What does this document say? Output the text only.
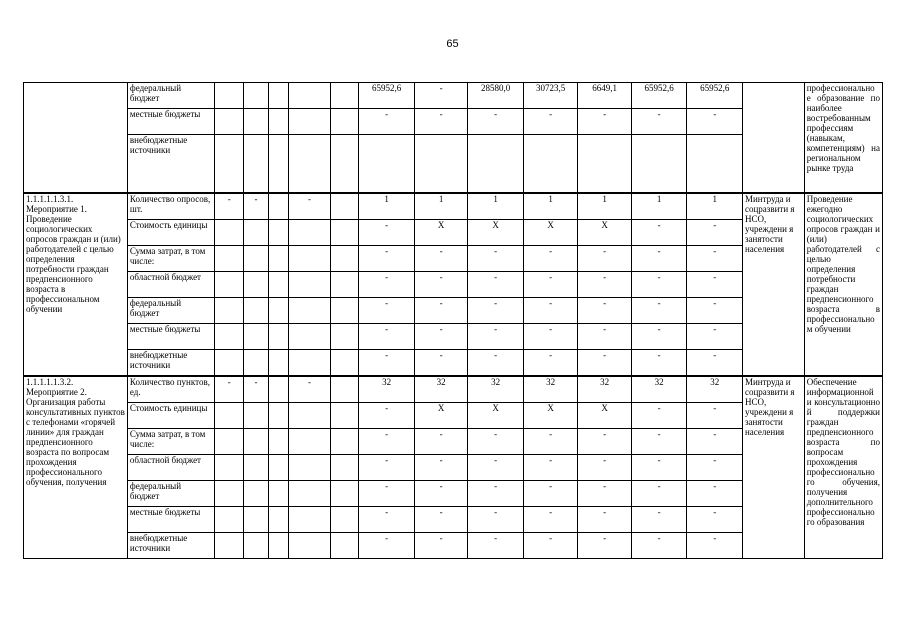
65
	федеральный бюджет						65952,6	-	28580,0	30723,5	6649,1	65952,6	65952,6		профессионально е образование по наиболее востребованным профессиям (навыкам, компетенциям) на региональном рынке труда
	местные бюджеты						-	-	-	-	-	-	-		
	внебюджетные источники														
1.1.1.1.1.3.1. Мероприятие 1. Проведение социологических опросов граждан и (или) работодателей с целью определения потребности граждан предпенсионного возраста в профессиональном обучении	Количество опросов, шт.	-	-		-		1	1	1	1	1	1	1	Минтруда и соцразвити я НСО, учреждени я занятости населения	Проведение ежегодно социологических опросов граждан и (или) работодателей с целью определения потребности граждан предпенсионного возраста в профессионально м обучении
	Стоимость единицы						-	X	X	X	X	-	-		
	Сумма затрат, в том числе:						-	-	-	-	-	-	-		
	областной бюджет						-	-	-	-	-	-	-		
	федеральный бюджет						-	-	-	-	-	-	-		
	местные бюджеты						-	-	-	-	-	-	-		
	внебюджетные источники						-	-	-	-	-	-	-		
1.1.1.1.1.3.2. Мероприятие 2. Организация работы консультативных пунктов с телефонами «горячей линии» для граждан предпенсионного возраста по вопросам прохождения профессионального обучения, получения	Количество пунктов, ед.	-	-		-		32	32	32	32	32	32	32	Минтруда и соцразвити я НСО, учреждени я занятости населения	Обеспечение информационной и консультационно й поддержки граждан предпенсионного возраста по вопросам прохождения профессионально го обучения, получения дополнительного профессионально го образования
	Стоимость единицы						-	X	X	X	X	-	-		
	Сумма затрат, в том числе:						-	-	-	-	-	-	-		
	областной бюджет						-	-	-	-	-	-	-		
	федеральный бюджет						-	-	-	-	-	-	-		
	местные бюджеты						-	-	-	-	-	-	-		
	внебюджетные источники						-	-	-	-	-	-	-		
